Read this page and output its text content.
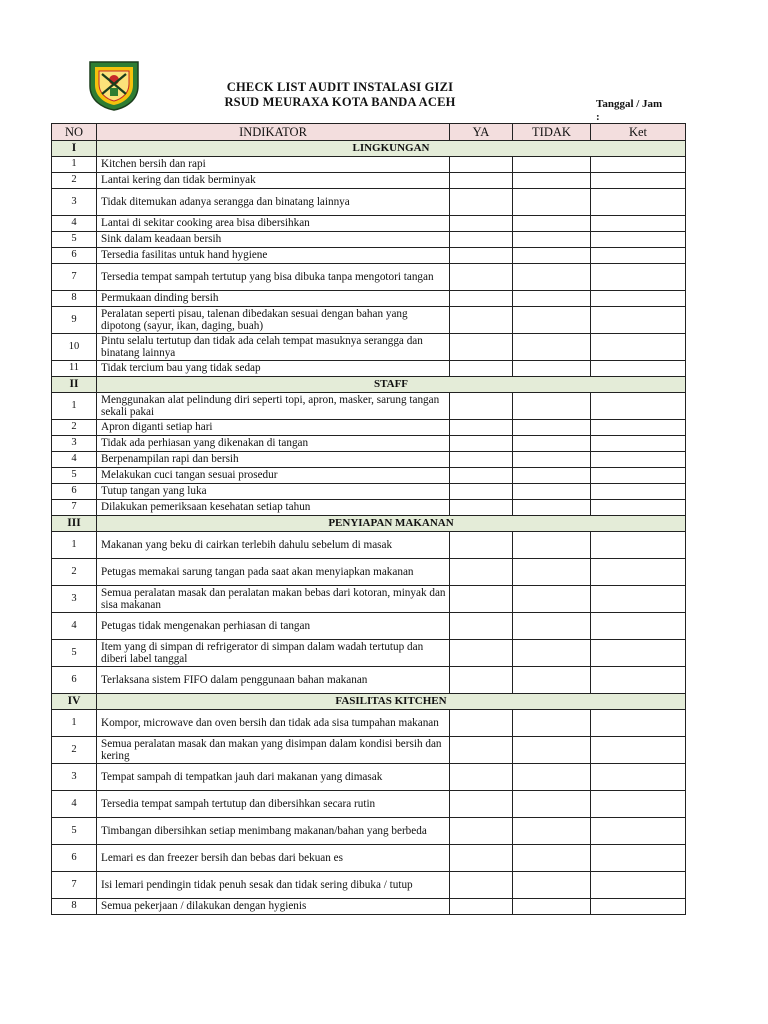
CHECK LIST AUDIT INSTALASI GIZI
RSUD MEURAXA KOTA BANDA ACEH	Tanggal / Jam
:
NO	INDIKATOR	YA	TIDAK	Ket
I	LINGKUNGAN			
1	Kitchen bersih dan rapi			
2	Lantai kering dan tidak berminyak			
3	Tidak ditemukan adanya serangga dan binatang lainnya			
4	Lantai di sekitar cooking area bisa dibersihkan			
5	Sink dalam keadaan bersih			
6	Tersedia fasilitas untuk hand hygiene			
7	Tersedia tempat sampah tertutup yang bisa dibuka tanpa mengotori tangan			
8	Permukaan dinding bersih			
9	Peralatan seperti pisau, talenan dibedakan sesuai dengan bahan yang dipotong (sayur, ikan, daging, buah)			
10	Pintu selalu tertutup dan tidak ada celah tempat masuknya serangga dan binatang lainnya			
11	Tidak tercium bau yang tidak sedap			
II	STAFF			
1	Menggunakan alat pelindung diri seperti topi, apron, masker, sarung tangan sekali pakai			
2	Apron diganti setiap hari			
3	Tidak ada perhiasan yang dikenakan di tangan			
4	Berpenampilan rapi dan bersih			
5	Melakukan cuci tangan sesuai prosedur			
6	Tutup tangan yang luka			
7	Dilakukan pemeriksaan kesehatan setiap tahun			
III	PENYIAPAN MAKANAN			
1	Makanan yang beku di cairkan terlebih dahulu sebelum di masak			
2	Petugas memakai sarung tangan pada saat akan menyiapkan makanan			
3	Semua peralatan masak dan peralatan makan bebas dari kotoran, minyak dan sisa makanan			
4	Petugas tidak mengenakan perhiasan di tangan			
5	Item yang di simpan di refrigerator di simpan dalam wadah tertutup dan diberi label tanggal			
6	Terlaksana sistem FIFO dalam penggunaan bahan makanan			
IV	FASILITAS KITCHEN			
1	Kompor, microwave dan oven bersih dan tidak ada sisa tumpahan makanan			
2	Semua peralatan masak dan makan yang disimpan dalam kondisi bersih dan kering			
3	Tempat sampah di tempatkan jauh dari makanan yang dimasak			
4	Tersedia tempat sampah tertutup dan dibersihkan secara rutin			
5	Timbangan dibersihkan setiap menimbang makanan/bahan yang berbeda			
6	Lemari es dan freezer bersih dan bebas dari bekuan es			
7	Isi lemari pendingin tidak penuh sesak dan tidak sering dibuka / tutup			
8	Semua pekerjaan / dilakukan dengan hygienis			
